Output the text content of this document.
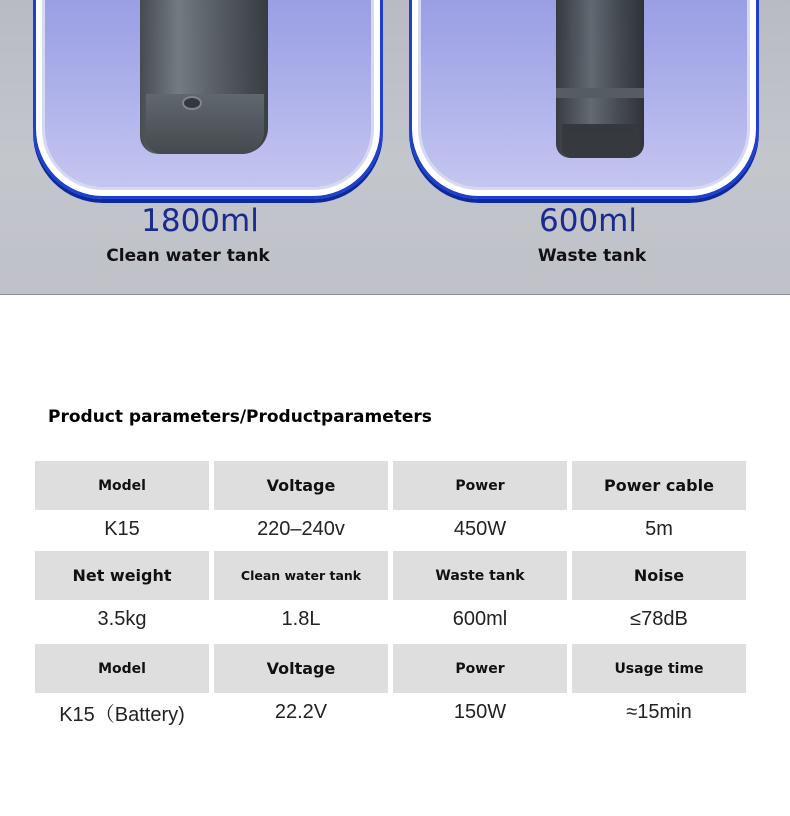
1800ml
Clean water tank
600ml
Waste tank
Product parameters/Productparameters
Model	Voltage	Power	Power cable
K15	220–240v	450W	5m
Net weight	Clean water tank	Waste tank	Noise
3.5kg	1.8L	600ml	≤78dB
Model	Voltage	Power	Usage time
K15（Battery)	22.2V	150W	≈15min
